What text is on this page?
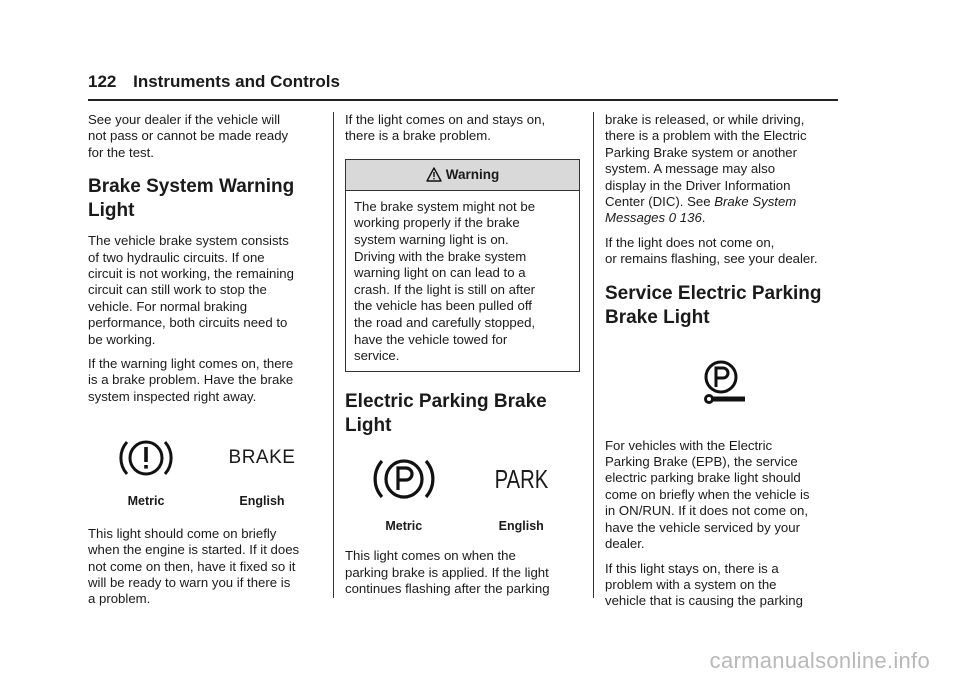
122 Instruments and Controls

See your dealer if the vehicle will
not pass or cannot be made ready
for the test.

Brake System Warning
Light

The vehicle brake system consists
of two hydraulic circuits. If one
circuit is not working, the remaining
circuit can still work to stop the
vehicle. For normal braking
performance, both circuits need to
be working.

If the warning light comes on, there
is a brake problem. Have the brake
system inspected right away.

BRAKE
Metric	English

This light should come on briefly
when the engine is started. If it does
not come on then, have it fixed so it
will be ready to warn you if there is
a problem.

If the light comes on and stays on,
there is a brake problem.

Warning
The brake system might not be
working properly if the brake
system warning light is on.
Driving with the brake system
warning light on can lead to a
crash. If the light is still on after
the vehicle has been pulled off
the road and carefully stopped,
have the vehicle towed for
service.
Electric Parking Brake
Light
PARK
Metric	English

This light comes on when the
parking brake is applied. If the light
continues flashing after the parking

brake is released, or while driving,
there is a problem with the Electric
Parking Brake system or another
system. A message may also
display in the Driver Information
Center (DIC). See Brake System
Messages 0 136.

If the light does not come on,
or remains flashing, see your dealer.

Service Electric Parking
Brake Light

For vehicles with the Electric
Parking Brake (EPB), the service
electric parking brake light should
come on briefly when the vehicle is
in ON/RUN. If it does not come on,
have the vehicle serviced by your
dealer.

If this light stays on, there is a
problem with a system on the
vehicle that is causing the parking

carmanualsonline.info
